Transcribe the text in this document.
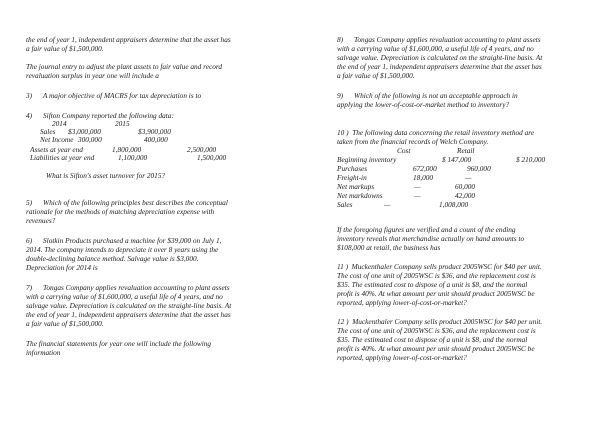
the end of year 1, independent appraisers determine that the asset has

a fair value of $1,500,000.

The journal entry to adjust the plant assets to fair value and record

revaluation surplus in year one will include a

3)      A major objective of MACRS for tax depreciation is to

4)      Sifton Company reported the following data:

2014	2015

Sales $3,000,000	$3,900,000

Net Income 300,000	400,000

Assets at year end	1,800,000	2,500,000

Liabilities at year end	1,100,000	1,500,000

What is Sifton's asset turnover for 2015?

5)      Which of the following principles best describes the conceptual

rationale for the methods of matching depreciation expense with

revenues?

6)      Slotkin Products purchased a machine for $39,000 on July 1,

2014. The company intends to depreciate it over 8 years using the

double-declining balance method. Salvage value is $3,000.

Depreciation for 2014 is

7)      Tongas Company applies revaluation accounting to plant assets

with a carrying value of $1,600,000, a useful life of 4 years, and no

salvage value. Depreciation is calculated on the straight-line basis. At

the end of year 1, independent appraisers determine that the asset has

a fair value of $1,500,000.

The financial statements for year one will include the following

information

8)      Tongas Company applies revaluation accounting to plant assets

with a carrying value of $1,600,000, a useful life of 4 years, and no

salvage value. Depreciation is calculated on the straight-line basis. At

the end of year 1, independent appraisers determine that the asset has

a fair value of $1,500,000.

9)      Which of the following is not an acceptable approach in

applying the lower-of-cost-or-market method to inventory?

10 )  The following data concerning the retail inventory method are

taken from the financial records of Welch Company.

Cost	Retail

Beginning inventory	$ 147,000	$ 210,000

Purchases	672,000	960,000

Freight-in	18,000	—

Net markups	—	60,000

Net markdowns	—	42,000

Sales	—	1,008,000

If the foregoing figures are verified and a count of the ending

inventory reveals that merchandise actually on hand amounts to

$108,000 at retail, the business has

11 )  Muckenthaler Company sells product 2005WSC for $40 per unit.

The cost of one unit of 2005WSC is $36, and the replacement cost is

$35. The estimated cost to dispose of a unit is $8, and the normal

profit is 40%. At what amount per unit should product 2005WSC be

reported, applying lower-of-cost-or-market?

12 )  Muckenthaler Company sells product 2005WSC for $40 per unit.

The cost of one unit of 2005WSC is $36, and the replacement cost is

$35. The estimated cost to dispose of a unit is $8, and the normal

profit is 40%. At what amount per unit should product 2005WSC be

reported, applying lower-of-cost-or-market?
